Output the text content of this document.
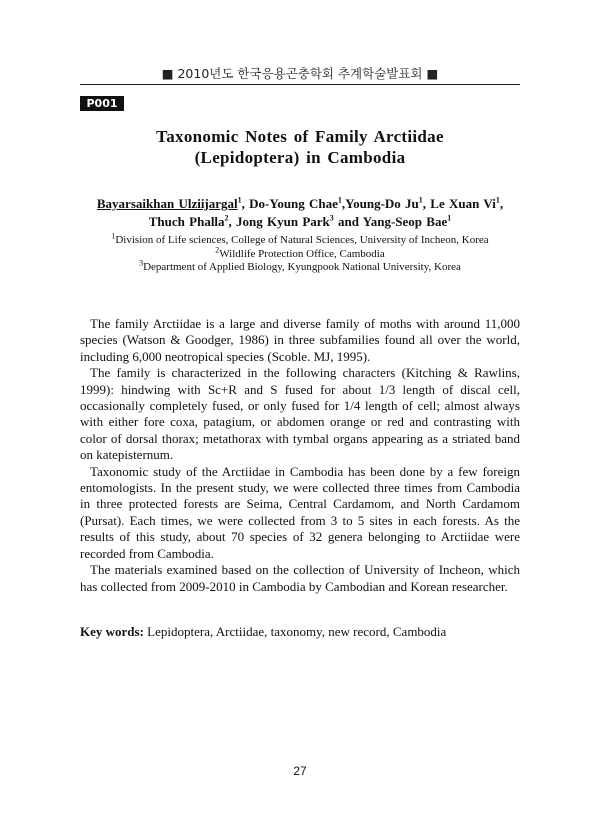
■ 2010년도 한국응용곤충학회 추계학술발표회 ■
P001
Taxonomic Notes of Family Arctiidae
(Lepidoptera) in Cambodia
Bayarsaikhan Ulziijargal$^1$, Do-Young Chae$^1$,Young-Do Ju$^1$, Le Xuan Vi$^1$,
Thuch Phalla$^2$, Jong Kyun Park$^3$ and Yang-Seop Bae$^1$
$^1$Division of Life sciences, College of Natural Sciences, University of Incheon, Korea
$^2$Wildlife Protection Office, Cambodia
$^3$Department of Applied Biology, Kyungpook National University, Korea

The family Arctiidae is a large and diverse family of moths with around 11,000 species (Watson & Goodger, 1986) in three subfamilies found all over the world, including 6,000 neotropical species (Scoble. MJ, 1995).

The family is characterized in the following characters (Kitching & Rawlins, 1999): hindwing with Sc+R and S fused for about 1/3 length of discal cell, occasionally completely fused, or only fused for 1/4 length of cell; almost always with either fore coxa, patagium, or abdomen orange or red and contrasting with color of dorsal thorax; metathorax with tymbal organs appearing as a striated band on katepisternum.

Taxonomic study of the Arctiidae in Cambodia has been done by a few foreign entomologists. In the present study, we were collected three times from Cambodia in three protected forests are Seima, Central Cardamom, and North Cardamom (Pursat). Each times, we were collected from 3 to 5 sites in each forests. As the results of this study, about 70 species of 32 genera belonging to Arctiidae were recorded from Cambodia.

The materials examined based on the collection of University of Incheon, which has collected from 2009-2010 in Cambodia by Cambodian and Korean researcher.

Key words: Lepidoptera, Arctiidae, taxonomy, new record, Cambodia
27
